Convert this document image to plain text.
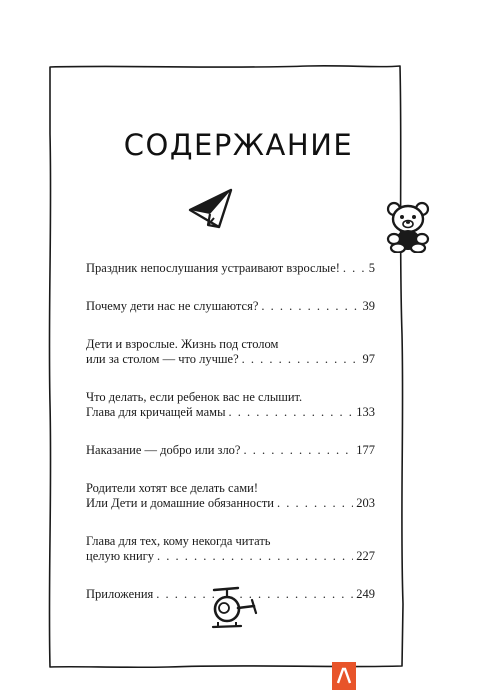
СОДЕРЖАНИЕ
Праздник непослушания устраивают взрослые! . . . 5
Почему дети нас не слушаются? . . .	39
Дети и взрослые. Жизнь под столом
или за столом — что лучше? . . .	97
Что делать, если ребенок вас не слышит.
Глава для кричащей мамы . . .	133
Наказание — добро или зло? . . .	177
Родители хотят все делать сами!
Или Дети и домашние обязанности . . .	203
Глава для тех, кому некогда читать
целую книгу . . .	227
Приложения . . .	249
